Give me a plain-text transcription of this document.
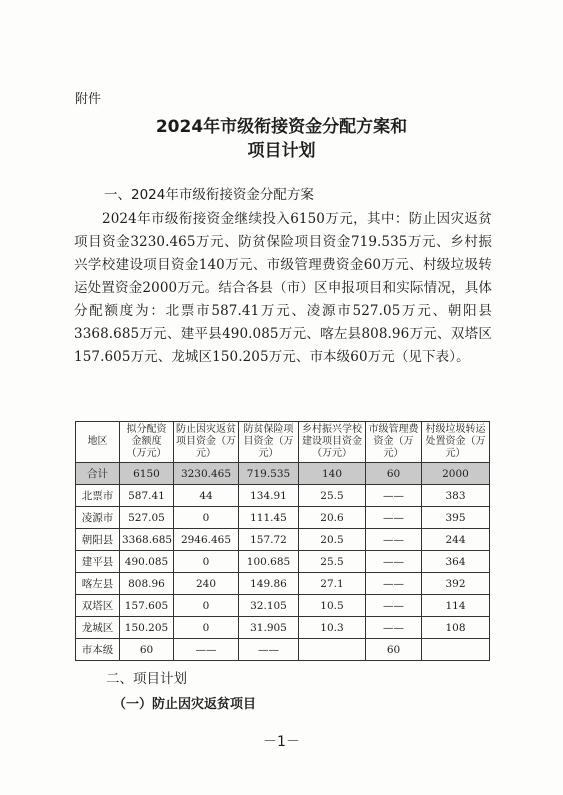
附件
2024年市级衔接资金分配方案和
项目计划
一、2024年市级衔接资金分配方案
2024年市级衔接资金继续投入6150万元，其中：防止因灾返贫项目资金3230.465万元、防贫保险项目资金719.535万元、乡村振兴学校建设项目资金140万元、市级管理费资金60万元、村级垃圾转运处置资金2000万元。结合各县（市）区申报项目和实际情况，具体分配额度为：北票市587.41万元、凌源市527.05万元、朝阳县3368.685万元、建平县490.085万元、喀左县808.96万元、双塔区157.605万元、龙城区150.205万元、市本级60万元（见下表）。
地区	拟分配资金额度（万元）	防止因灾返贫项目资金（万元）	防贫保险项目资金（万元）	乡村振兴学校建设项目资金（万元）	市级管理费资金（万元）	村级垃圾转运处置资金（万元）
合计	6150	3230.465	719.535	140	60	2000
北票市	587.41	44	134.91	25.5	——	383
凌源市	527.05	0	111.45	20.6	——	395
朝阳县	3368.685	2946.465	157.72	20.5	——	244
建平县	490.085	0	100.685	25.5	——	364
喀左县	808.96	240	149.86	27.1	——	392
双塔区	157.605	0	32.105	10.5	——	114
龙城区	150.205	0	31.905	10.3	——	108
市本级	60	——	——		60	
二、项目计划
（一）防止因灾返贫项目
－1－
